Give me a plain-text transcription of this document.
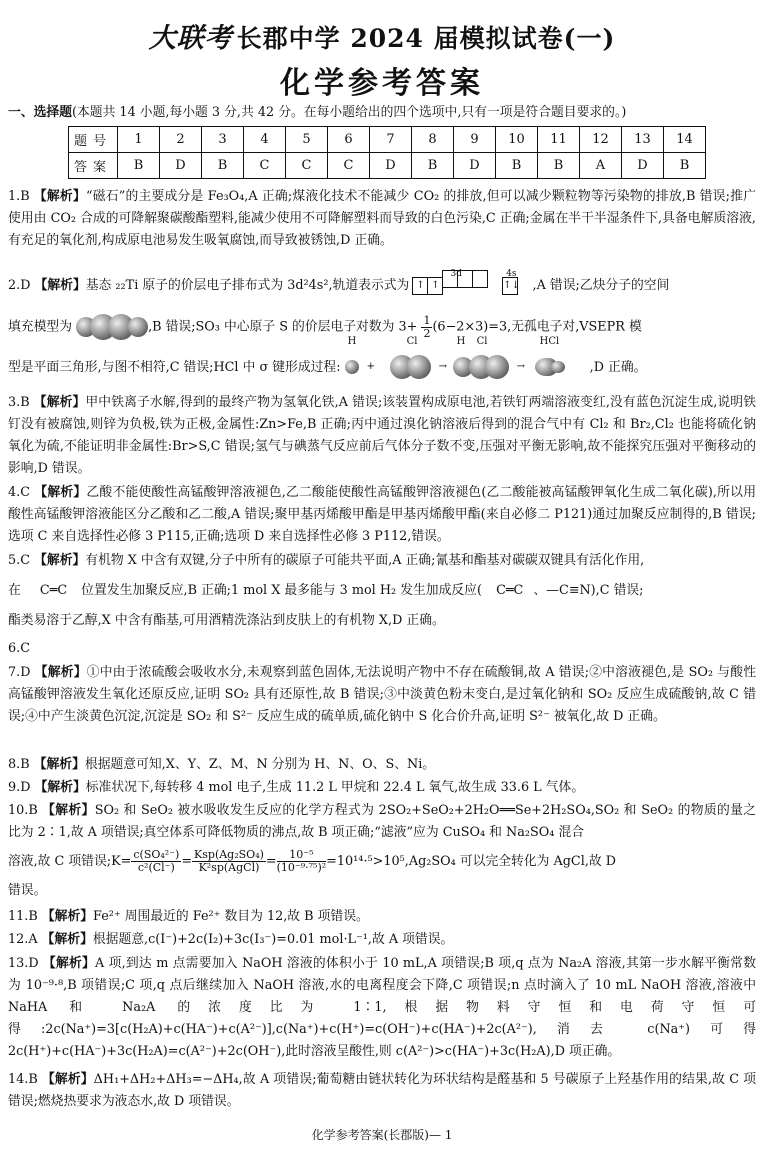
大联考 长郡中学 2024 届模拟试卷(一)
化学参考答案
一、选择题(本题共 14 小题,每小题 3 分,共 42 分。在每小题给出的四个选项中,只有一项是符合题目要求的。)
题号	1	2	3	4	5	6	7	8	9	10	11	12	13	14
答案	B	D	B	C	C	C	D	B	D	B	B	A	D	B
1.B 【解析】“磁石”的主要成分是 Fe₃O₄,A 正确;煤液化技术不能减少 CO₂ 的排放,但可以减少颗粒物等污染物的排放,B 错误;推广使用由 CO₂ 合成的可降解聚碳酸酯塑料,能减少使用不可降解塑料而导致的白色污染,C 正确;金属在半干半湿条件下,具备电解质溶液,有充足的氧化剂,构成原电池易发生吸氧腐蚀,而导致被锈蚀,D 正确。
2.D 【解析】基态 ₂₂Ti 原子的价层电子排布式为 3d²4s²,轨道表示式为 ↑ ↑ $^{3d}$ ↑↓ $^{4s}$,A 错误;乙炔分子的空间
填充模型为	,B 错误;SO₃ 中心原子 S 的价层电子对数为 $3+ \frac{1}{2}(6-2\times 3)=3$,无孤电子对,VSEPR 模
型是平面三角形,与图不相符,C 错误;HCl 中 σ 键形成过程:
H
+
Cl
→
H Cl
→
HCl
,D 正确。
3.B 【解析】甲中铁离子水解,得到的最终产物为氢氧化铁,A 错误;该装置构成原电池,若铁钉两端溶液变红,没有蓝色沉淀生成,说明铁钉没有被腐蚀,则锌为负极,铁为正极,金属性:Zn>Fe,B 正确;丙中通过溴化钠溶液后得到的混合气中有 Cl₂ 和 Br₂,Cl₂ 也能将硫化钠氧化为硫,不能证明非金属性:Br>S,C 错误;氢气与碘蒸气反应前后气体分子数不变,压强对平衡无影响,故不能探究压强对平衡移动的影响,D 错误。
4.C 【解析】乙酸不能使酸性高锰酸钾溶液褪色,乙二酸能使酸性高锰酸钾溶液褪色(乙二酸能被高锰酸钾氧化生成二氧化碳),所以用酸性高锰酸钾溶液能区分乙酸和乙二酸,A 错误;聚甲基丙烯酸甲酯是甲基丙烯酸甲酯(来自必修二 P121)通过加聚反应制得的,B 错误;选项 C 来自选择性必修 3 P115,正确;选项 D 来自选择性必修 3 P112,错误。
5.C 【解析】有机物 X 中含有双键,分子中所有的碳原子可能共平面,A 正确;氰基和酯基对碳碳双键具有活化作用,
在 C═C 位置发生加聚反应,B 正确;1 mol X 最多能与 3 mol H₂ 发生加成反应( C═C 、—C≡N),C 错误;
酯类易溶于乙醇,X 中含有酯基,可用酒精洗涤沾到皮肤上的有机物 X,D 正确。
6.C
7.D 【解析】①中由于浓硫酸会吸收水分,未观察到蓝色固体,无法说明产物中不存在硫酸铜,故 A 错误;②中溶液褪色,是 SO₂ 与酸性高锰酸钾溶液发生氧化还原反应,证明 SO₂ 具有还原性,故 B 错误;③中淡黄色粉末变白,是过氧化钠和 SO₂ 反应生成硫酸钠,故 C 错误;④中产生淡黄色沉淀,沉淀是 SO₂ 和 S²⁻ 反应生成的硫单质,硫化钠中 S 化合价升高,证明 S²⁻ 被氧化,故 D 正确。
8.B 【解析】根据题意可知,X、Y、Z、M、N 分别为 H、N、O、S、Ni。
9.D 【解析】标准状况下,每转移 4 mol 电子,生成 11.2 L 甲烷和 22.4 L 氧气,故生成 33.6 L 气体。
10.B 【解析】SO₂ 和 SeO₂ 被水吸收发生反应的化学方程式为 2SO₂+SeO₂+2H₂O══Se+2H₂SO₄,SO₂ 和 SeO₂ 的物质的量之比为 2∶1,故 A 项错误;真空体系可降低物质的沸点,故 B 项正确;“滤液”应为 CuSO₄ 和 Na₂SO₄ 混合
溶液,故 C 项错误;K= $\frac{\text{c(SO₄²⁻)}}{\text{c²(Cl⁻)}}= \frac{\text{Ksp(Ag₂SO₄)}}{\text{K²sp(AgCl)}}= \frac{\text{10⁻⁵}}{\text{(10⁻⁹·⁷⁵)²}}=10^{14}\cdot^5>10^5,Ag_2SO_4$ 可以完全转化为 AgCl,故 D
错误。
11.B 【解析】Fe²⁺ 周围最近的 Fe²⁺ 数目为 12,故 B 项错误。
12.A 【解析】根据题意,c(I⁻)+2c(I₂)+3c(I₃⁻)=0.01 mol·L⁻¹,故 A 项错误。
13.D 【解析】A 项,到达 m 点需要加入 NaOH 溶液的体积小于 10 mL,A 项错误;B 项,q 点为 Na₂A 溶液,其第一步水解平衡常数为 10⁻⁹·⁸,B 项错误;C 项,q 点后继续加入 NaOH 溶液,水的电离程度会下降,C 项错误;n 点时滴入了 10 mL NaOH 溶液,溶液中 NaHA 和 Na₂A 的浓度比为 1∶1,根据物料守恒和电荷守恒可得:2c(Na⁺)=3[c(H₂A)+c(HA⁻)+c(A²⁻)],c(Na⁺)+c(H⁺)=c(OH⁻)+c(HA⁻)+2c(A²⁻),消去 c(Na⁺)可得 2c(H⁺)+c(HA⁻)+3c(H₂A)=c(A²⁻)+2c(OH⁻),此时溶液呈酸性,则 c(A²⁻)>c(HA⁻)+3c(H₂A),D 项正确。
14.B 【解析】ΔH₁+ΔH₂+ΔH₃=−ΔH₄,故 A 项错误;葡萄糖由链状转化为环状结构是醛基和 5 号碳原子上羟基作用的结果,故 C 项错误;燃烧热要求为液态水,故 D 项错误。
化学参考答案(长郡版)— 1
